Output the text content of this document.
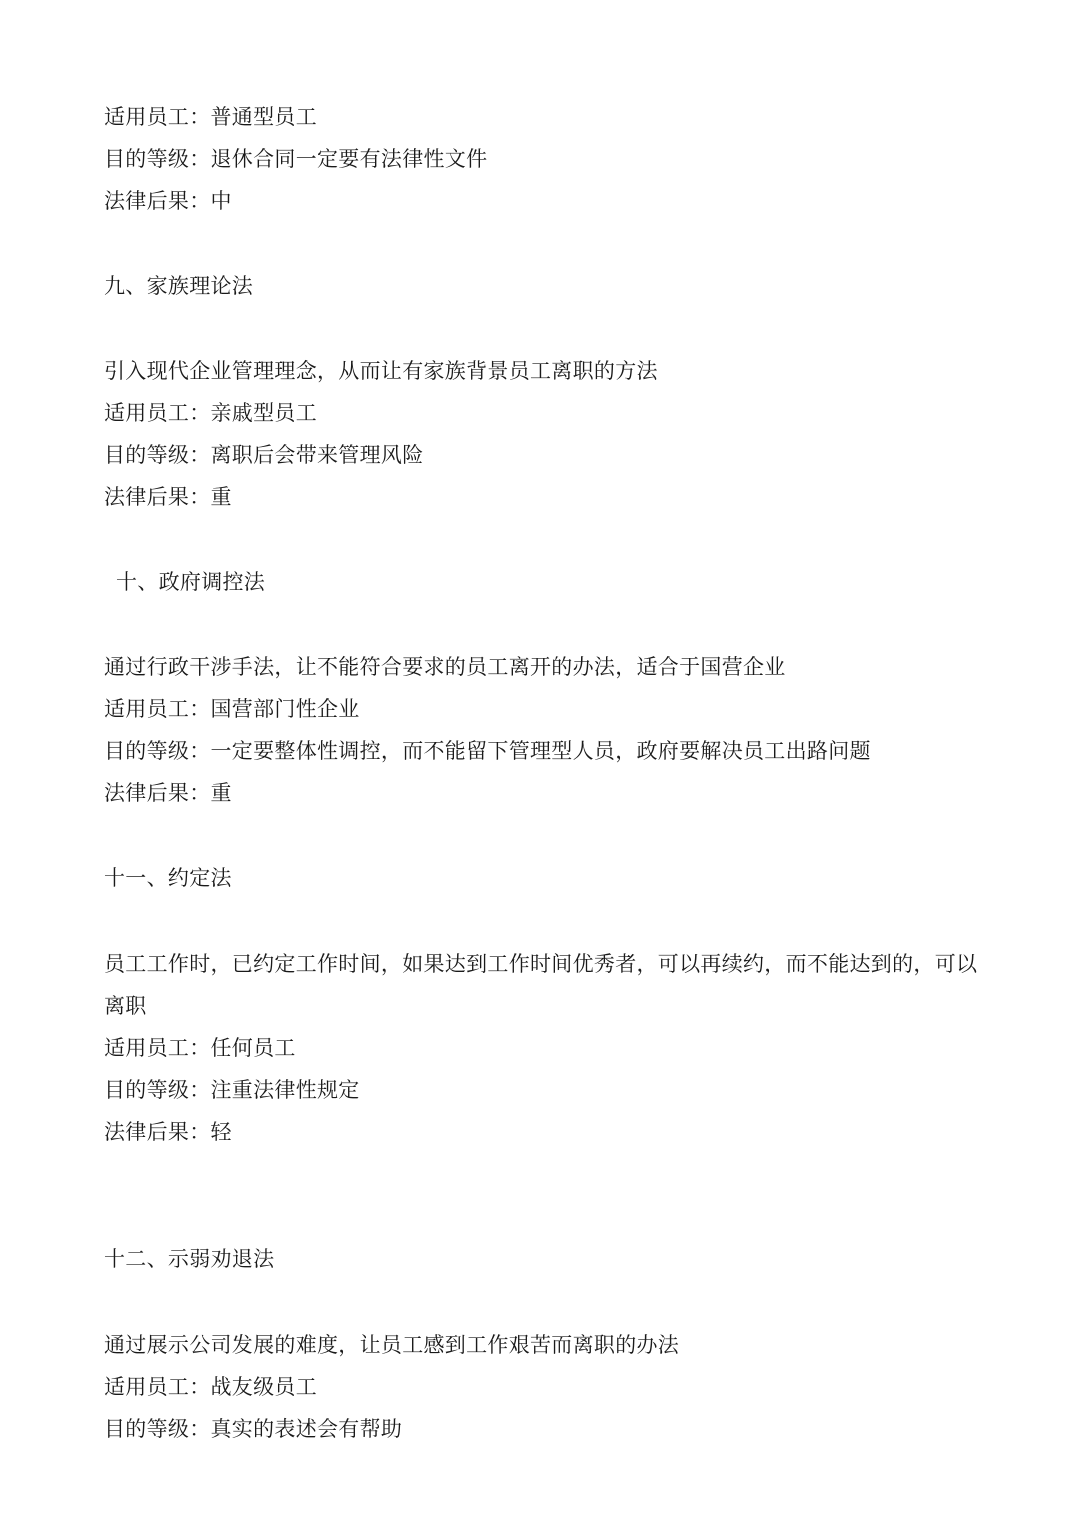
适用员工：普通型员工

目的等级：退休合同一定要有法律性文件

法律后果：中

九、家族理论法

引入现代企业管理理念，从而让有家族背景员工离职的方法

适用员工：亲戚型员工

目的等级：离职后会带来管理风险

法律后果：重

十、政府调控法

通过行政干涉手法，让不能符合要求的员工离开的办法，适合于国营企业

适用员工：国营部门性企业

目的等级：一定要整体性调控，而不能留下管理型人员，政府要解决员工出路问题

法律后果：重

十一、约定法

员工工作时，已约定工作时间，如果达到工作时间优秀者，可以再续约，而不能达到的，可以

离职

适用员工：任何员工

目的等级：注重法律性规定

法律后果：轻

十二、示弱劝退法

通过展示公司发展的难度，让员工感到工作艰苦而离职的办法

适用员工：战友级员工

目的等级：真实的表述会有帮助
